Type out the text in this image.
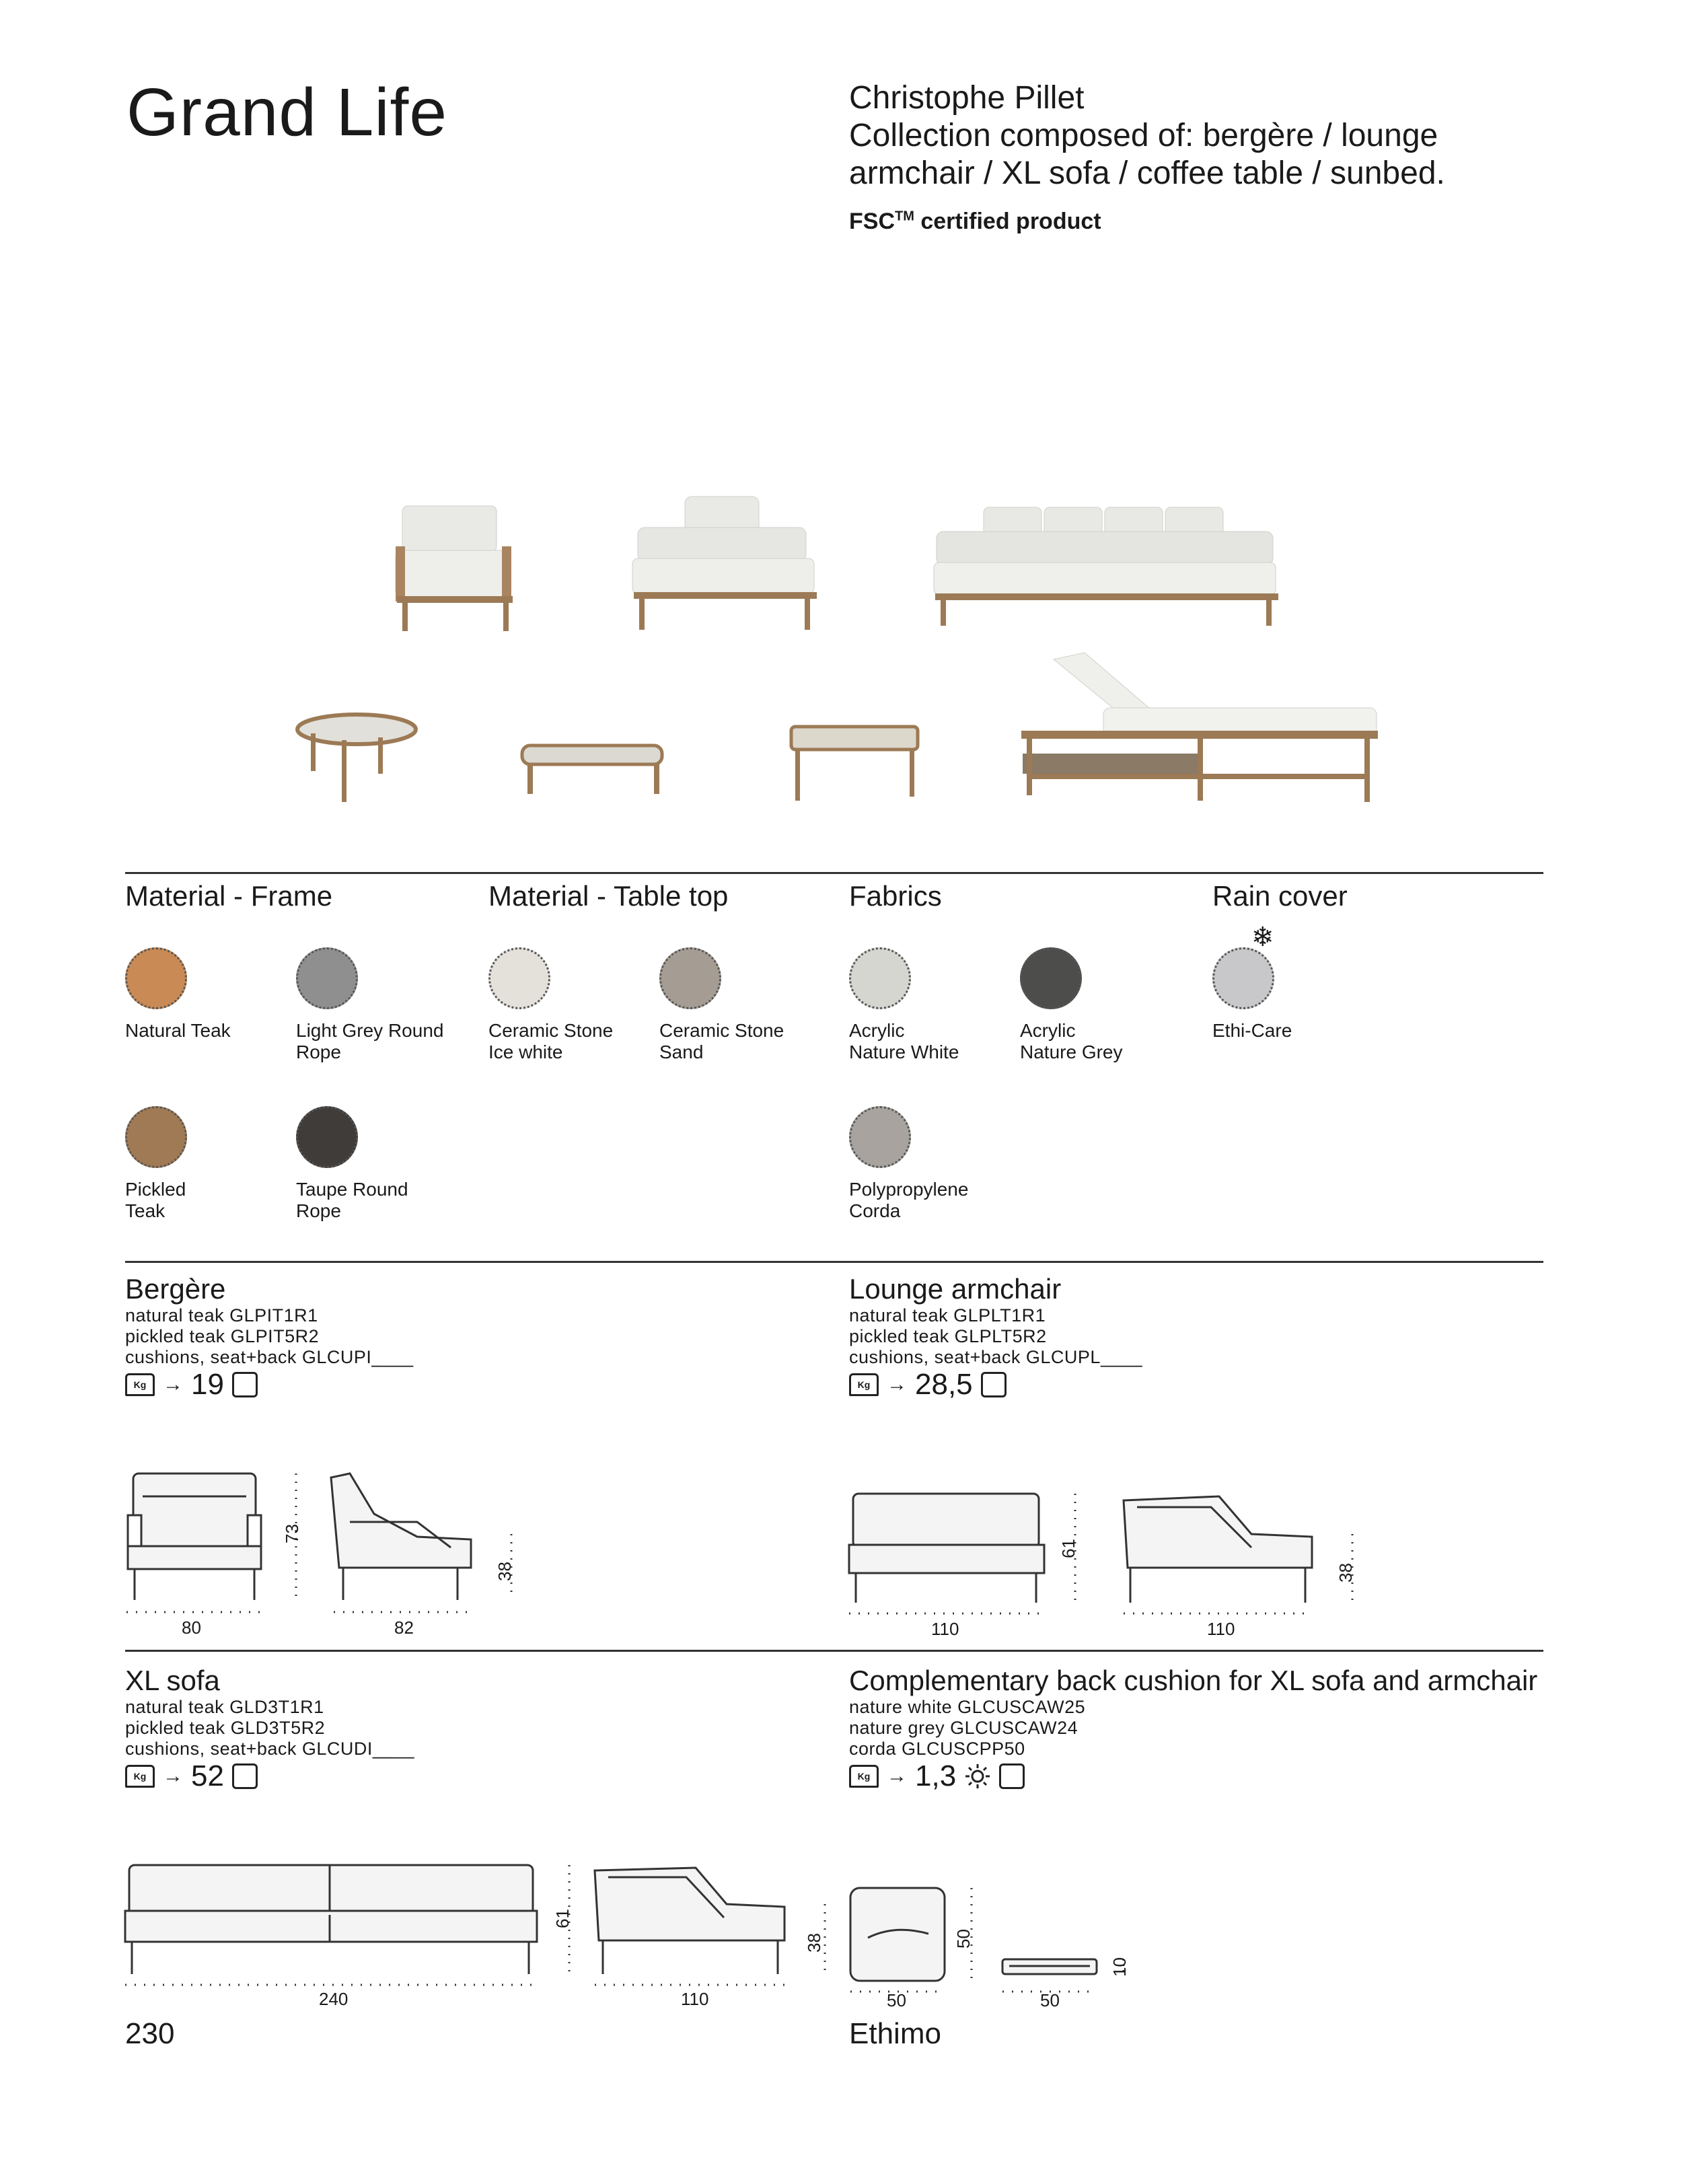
Grand Life	Christophe Pillet
Collection composed of: bergère / lounge
armchair / XL sofa / coffee table / sunbed.
FSC™ certified product
Material - Frame	Material - Table top	Fabrics	Rain cover
❄
Natural Teak	Light Grey Round
Rope
Pickled
Teak
Taupe Round
Rope
Ceramic Stone
Ice white
Ceramic Stone
Sand
Acrylic
Nature White
Acrylic
Nature Grey
Polypropylene
Corda
Ethi-Care
Bergère
natural teak GLPIT1R1
pickled teak GLPIT5R2
cushions, seat+back GLCUPI____
Kg → 19
Lounge armchair
natural teak GLPLT1R1
pickled teak GLPLT5R2
cushions, seat+back GLCUPL____
Kg → 28,5
80
73
82
38
110
61
110
38
XL sofa
natural teak GLD3T1R1
pickled teak GLD3T5R2
cushions, seat+back GLCUDI____
Kg → 52
Complementary back cushion for XL sofa and armchair
nature white GLCUSCAW25
nature grey GLCUSCAW24
corda GLCUSCPP50
Kg → 1,3
240
61
110
38
50
50
50
10
230	Ethimo
